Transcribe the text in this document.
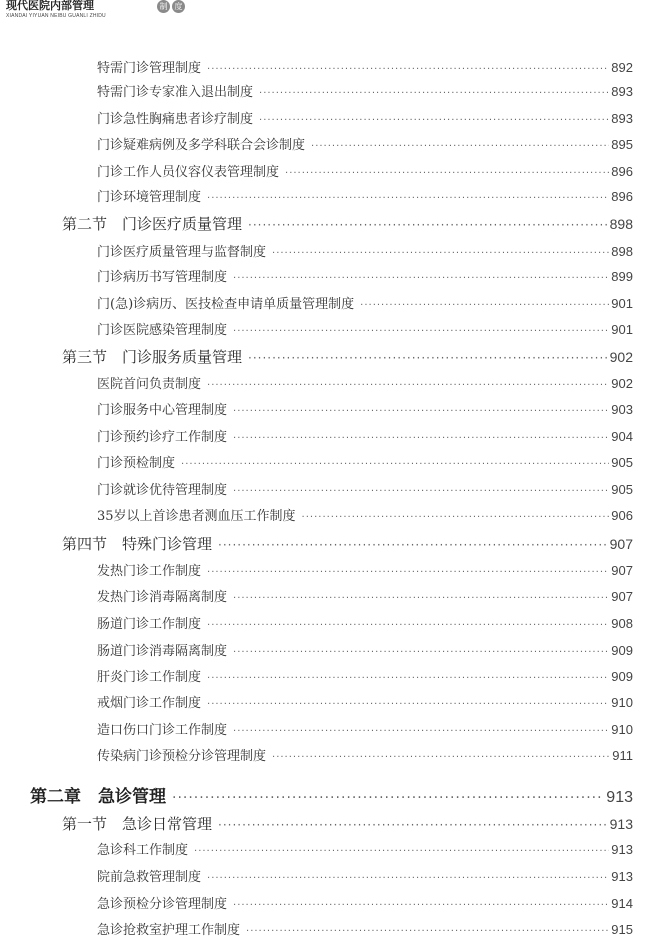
现代医院内部管理
XIANDAI YIYUAN NEIBU GUANLI ZHIDU
制 度
特需门诊管理制度 ·····	892
特需门诊专家准入退出制度 ·····	893
门诊急性胸痛患者诊疗制度 ·····	893
门诊疑难病例及多学科联合会诊制度 ·····	895
门诊工作人员仪容仪表管理制度 ·····	896
门诊环境管理制度 ·····	896
第二节　门诊医疗质量管理 ·····	898
门诊医疗质量管理与监督制度 ·····	898
门诊病历书写管理制度 ·····	899
门(急)诊病历、医技检查申请单质量管理制度 ·····	901
门诊医院感染管理制度 ·····	901
第三节　门诊服务质量管理 ·····	902
医院首问负责制度 ·····	902
门诊服务中心管理制度 ·····	903
门诊预约诊疗工作制度 ·····	904
门诊预检制度 ·····	905
门诊就诊优待管理制度 ·····	905
35岁以上首诊患者测血压工作制度 ·····	906
第四节　特殊门诊管理 ·····	907
发热门诊工作制度 ·····	907
发热门诊消毒隔离制度 ·····	907
肠道门诊工作制度 ·····	908
肠道门诊消毒隔离制度 ·····	909
肝炎门诊工作制度 ·····	909
戒烟门诊工作制度 ·····	910
造口伤口门诊工作制度 ·····	910
传染病门诊预检分诊管理制度 ·····	911
第二章　急诊管理 ·····	913
第一节　急诊日常管理 ·····	913
急诊科工作制度 ·····	913
院前急救管理制度 ·····	913
急诊预检分诊管理制度 ·····	914
急诊抢救室护理工作制度 ·····	915
